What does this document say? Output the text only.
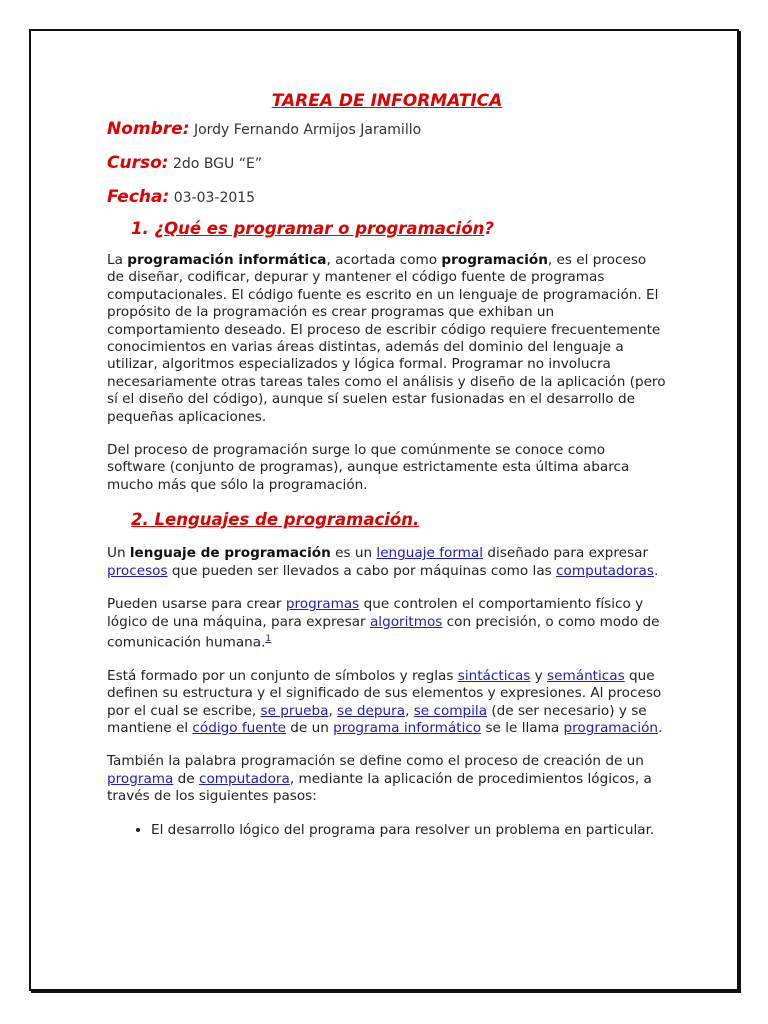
TAREA DE INFORMATICA
Nombre: Jordy Fernando Armijos Jaramillo
Curso: 2do BGU “E”
Fecha: 03-03-2015
1. ¿Qué es programar o programación?

La programación informática, acortada como programación, es el proceso de diseñar, codificar, depurar y mantener el código fuente de programas computacionales. El código fuente es escrito en un lenguaje de programación. El propósito de la programación es crear programas que exhiban un comportamiento deseado. El proceso de escribir código requiere frecuentemente conocimientos en varias áreas distintas, además del dominio del lenguaje a utilizar, algoritmos especializados y lógica formal. Programar no involucra necesariamente otras tareas tales como el análisis y diseño de la aplicación (pero sí el diseño del código), aunque sí suelen estar fusionadas en el desarrollo de pequeñas aplicaciones.

Del proceso de programación surge lo que comúnmente se conoce como software (conjunto de programas), aunque estrictamente esta última abarca mucho más que sólo la programación.

2. Lenguajes de programación.

Un lenguaje de programación es un lenguaje formal diseñado para expresar procesos que pueden ser llevados a cabo por máquinas como las computadoras.

Pueden usarse para crear programas que controlen el comportamiento físico y lógico de una máquina, para expresar algoritmos con precisión, o como modo de comunicación humana.$^1$

Está formado por un conjunto de símbolos y reglas sintácticas y semánticas que definen su estructura y el significado de sus elementos y expresiones. Al proceso por el cual se escribe, se prueba, se depura, se compila (de ser necesario) y se mantiene el código fuente de un programa informático se le llama programación.

También la palabra programación se define como el proceso de creación de un programa de computadora, mediante la aplicación de procedimientos lógicos, a través de los siguientes pasos:

• El desarrollo lógico del programa para resolver un problema en particular.
